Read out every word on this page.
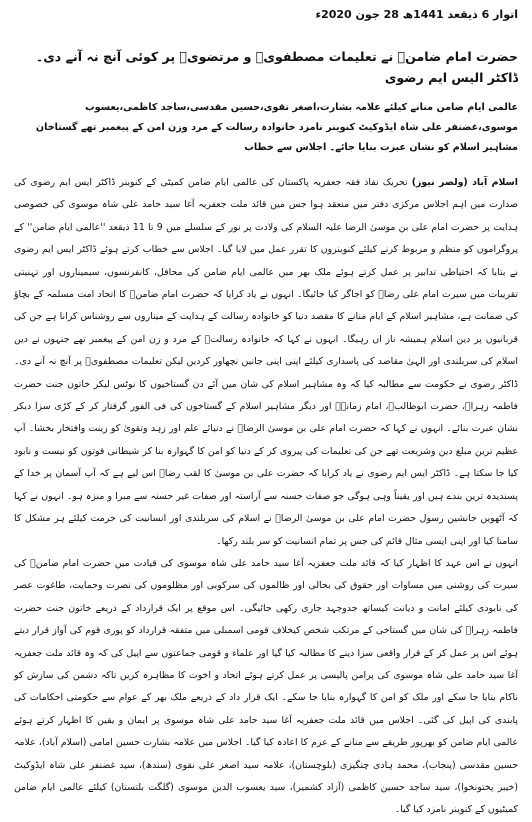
اتوار 6 ذیقعد 1441ھ 28 جون 2020ء
حضرت امام ضامنؑ نے تعلیمات مصطفویؐ و مرتضویؑ پر کوئی آنچ نہ آنے دی۔ ڈاکٹر الیس ایم رضوی
عالمی ایام ضامن منانے کیلئے علامہ بشارت،اصغر نقوی،حسین مقدسی،ساجد کاظمی،یعسوب موسوی،غضنفر علی شاہ ایڈوکیٹ کنوینر نامزد خانوادہ رسالت کے مرد وزن امن کے پیغمبر تھے گستاخان مشاہیر اسلام کو نشان عبرت بنایا جائے۔ اجلاس سے خطاب

اسلام آباد (ولصر نیوز) تحریک نفاذ فقہ جعفریہ پاکستان کی عالمی ایام ضامن کمیٹی کے کنوینر ڈاکٹر ایس ایم رضوی کی صدارت میں اہم اجلاس مرکزی دفتر میں منعقد ہوا جس میں قائد ملت جعفریہ آغا سید حامد علی شاہ موسوی کی خصوصی ہدایت پر حضرت امام علی بن موسیٰ الرضا علیہ السلام کی ولادت پر نور کے سلسلے میں 9 تا 11 ذیقعد ''عالمی ایام ضامن'' کے پروگراموں کو منظم و مربوط کرنے کیلئے کنوینروں کا تقرر عمل میں لایا گیا۔ اجلاس سے خطاب کرتے ہوئے ڈاکٹر ایس ایم رضوی نے بتایا کہ احتیاطی تدابیر پر عمل کرتے ہوئے ملک بھر میں عالمی ایام ضامن کی محافل، کانفرنسوں، سیمیناروں اور تہنیتی تقریبات میں سیرت امام علی رضاؑ کو اجاگر کیا جائیگا۔ انہوں نے یاد کرایا کہ حضرت امام ضامنؑ کا اتحاد امت مسلمہ کے بچاؤ کی ضمانت ہے، مشاہیر اسلام کے ایام منانے کا مقصد دنیا کو خانوادہ رسالت کے ہدایت کے میناروں سے روشناس کرانا ہے جن کی قربانیوں پر دین اسلام ہمیشہ ناز اں رہیگا۔ انہوں نے کہا کہ خانوادہ رسالتؐ کے مرد و زن امن کے پیغمبر تھے جنہوں نے دین اسلام کی سربلندی اور الہیٰ مقاصد کی پاسداری کیلئے اپنی اپنی جانیں نچھاور کردیں لیکن تعلیمات مصطفویؐ پر آنچ نہ آنے دی۔ ڈاکٹر رضوی نے حکومت سے مطالبہ کیا کہ وہ مشاہیر اسلام کی شان میں آئے دن گستاخیوں کا نوٹس لیکر خاتون جنت حضرت فاطمہ زہراؑ، حضرت ابوطالبؑ، امام زمانہؑ اور دیگر مشاہیر اسلام کے گستاخوں کی فی الفور گرفتار کر کے کڑی سزا دیکر نشان عبرت بنائے۔ انہوں نے کہا کہ حضرت امام علی بن موسیٰ الرضاؑ نے دنیائے علم اور زہد وتقویٰ کو زینت وافتخار بخشا۔ آپ عظیم ترین مبلغ دین وشریعت تھے جن کی تعلیمات کی پیروی کر کے دنیا کو امن کا گہوارہ بنا کر شیطانی قوتوں کو نیست و نابود کیا جا سکتا ہے۔ ڈاکٹر ایس ایم رضوی نے یاد کرایا کہ حضرت علی بن موسیٰ کا لقب رضاؑ اس لیے ہے کہ آپ آسمان پر خدا کے پسندیدہ ترین بندے ہیں اور یقیناً وہی ہوگی جو صفات حسنہ سے آراستہ اور صفات غیر حسنہ سے مبرا و منزہ ہو۔ انہوں نے کہا کہ آٹھویں جانشین رسول حضرت امام علی بن موسیٰ الرضاؑ نے اسلام کی سربلندی اور انسانیت کی حرمت کیلئے ہر مشکل کا سامنا کیا اور اپنی ایسی مثال قائم کی جس پر تمام انسانیت کو سر بلند رکھا۔

انہوں نے اس عہد کا اظہار کیا کہ قائد ملت جعفریہ آغا سید حامد علی شاہ موسوی کی قیادت میں حضرت امام ضامنؑ کی سیرت کی روشنی میں مساوات اور حقوق کی بحالی اور ظالموں کی سرکوبی اور مظلوموں کی نصرت وحمایت، طاغوت عصر کی نابودی کیلئے امانت و دیانت کیساتھ جدوجہد جاری رکھی جائیگی۔ اس موقع پر ایک قرارداد کے ذریعے خاتون جنت حضرت فاطمہ زہراؑ کی شان میں گستاخی کے مرتکب شخص کیخلاف قومی اسمبلی میں متفقہ قرارداد کو پوری قوم کی آواز قرار دیتے ہوئے اس پر عمل کر کے قرار واقعی سزا دینے کا مطالبہ کیا گیا اور علماء و قومی جماعتوں سے اپیل کی کہ وہ قائد ملت جعفریہ آغا سید حامد علی شاہ موسوی کی پرامن پالیسی پر عمل کرتے ہوئے اتحاد و اخوت کا مظاہرہ کریں تاکہ دشمن کی سازش کو ناکام بنایا جا سکے اور ملک کو امن کا گہوارہ بنایا جا سکے۔ ایک قرار داد کے ذریعے ملک بھر کے عوام سے حکومتی احکامات کی پابندی کی اپیل کی گئی۔ اجلاس میں قائد ملت جعفریہ آغا سید حامد علی شاہ موسوی پر ایمان و یقین کا اظہار کرتے ہوئے عالمی ایام ضامن کو بھرپور طریقے سے منانے کے عزم کا اعادہ کیا گیا۔ اجلاس میں علامہ بشارت حسین امامی (اسلام آباد)، علامہ حسین مقدسی (پنجاب)، محمد ہادی چنگیزی (بلوچستان)، علامہ سید اصغر علی نقوی (سندھ)، سید غضنفر علی شاہ ایڈوکیٹ (خیبر پختونخوا)، سید ساجد حسین کاظمی (آزاد کشمیر)، سید یعسوب الدین موسوی (گلگت بلتستان) کیلئے عالمی ایام ضامن کمیٹیوں کے کنوینر نامزد کیا گیا۔
